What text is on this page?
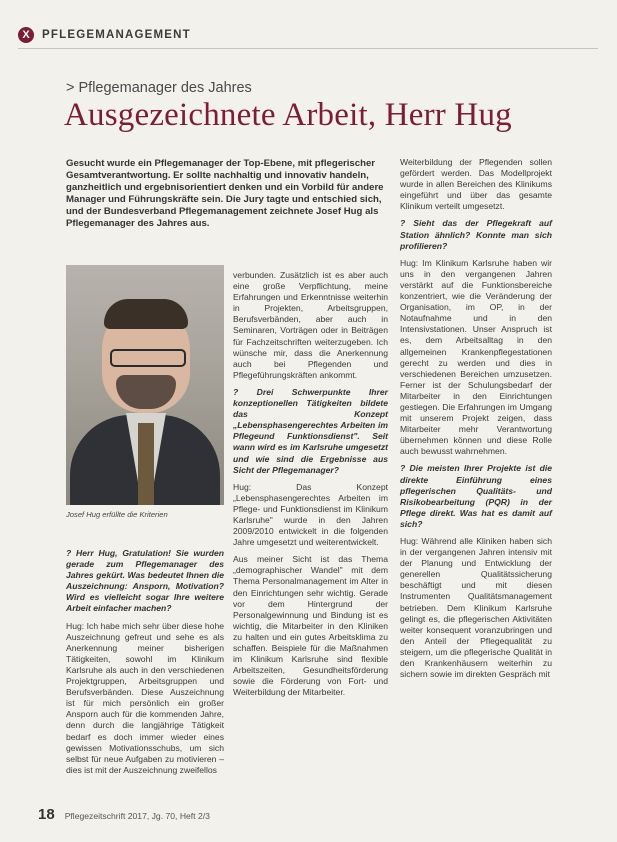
X	PFLEGEMANAGEMENT
> Pflegemanager des Jahres
Ausgezeichnete Arbeit, Herr Hug
Gesucht wurde ein Pflegemanager der Top-Ebene, mit pflegerischer Gesamtverantwortung. Er sollte nachhaltig und innovativ handeln, ganzheitlich und ergebnisorientiert denken und ein Vorbild für andere Manager und Führungskräfte sein. Die Jury tagte und entschied sich, und der Bundesverband Pflegemanagement zeichnete Josef Hug als Pflegemanager des Jahres aus.
Josef Hug erfüllte die Kriterien

? Herr Hug, Gratulation! Sie wurden gerade zum Pflegemanager des Jahres gekürt. Was bedeutet Ihnen die Auszeichnung: Ansporn, Motivation? Wird es vielleicht sogar Ihre weitere Arbeit einfacher machen?

Hug: Ich habe mich sehr über diese hohe Auszeichnung gefreut und sehe es als Anerkennung meiner bisherigen Tätigkeiten, sowohl im Klinikum Karlsruhe als auch in den verschiedenen Projektgruppen, Arbeitsgruppen und Berufsverbänden. Diese Auszeichnung ist für mich persönlich ein großer Ansporn auch für die kommenden Jahre, denn durch die langjährige Tätigkeit bedarf es doch immer wieder eines gewissen Motivationsschubs, um sich selbst für neue Aufgaben zu motivieren – dies ist mit der Auszeichnung zweifellos

verbunden. Zusätzlich ist es aber auch eine große Verpflichtung, meine Erfahrungen und Erkenntnisse weiterhin in Projekten, Arbeitsgruppen, Berufsverbänden, aber auch in Seminaren, Vorträgen oder in Beiträgen für Fachzeitschriften weiterzugeben. Ich wünsche mir, dass die Anerkennung auch bei Pflegenden und Pflegeführungskräften ankommt.

? Drei Schwerpunkte Ihrer konzeptionellen Tätigkeiten bildete das Konzept „Lebensphasengerechtes Arbeiten im Pflegeund Funktionsdienst". Seit wann wird es im Karlsruhe umgesetzt und wie sind die Ergebnisse aus Sicht der Pflegemanager?

Hug: Das Konzept „Lebensphasengerechtes Arbeiten im Pflege- und Funktionsdienst im Klinikum Karlsruhe" wurde in den Jahren 2009/2010 entwickelt in die folgenden Jahre umgesetzt und weiterentwickelt.

Aus meiner Sicht ist das Thema „demographischer Wandel" mit dem Thema Personalmanagement im Alter in den Einrichtungen sehr wichtig. Gerade vor dem Hintergrund der Personalgewinnung und Bindung ist es wichtig, die Mitarbeiter in den Kliniken zu halten und ein gutes Arbeitsklima zu schaffen. Beispiele für die Maßnahmen im Klinikum Karlsruhe sind flexible Arbeitszeiten, Gesundheitsförderung sowie die Förderung von Fort- und Weiterbildung der Mitarbeiter.

Weiterbildung der Pflegenden sollen gefördert werden. Das Modellprojekt wurde in allen Bereichen des Klinikums eingeführt und über das gesamte Klinikum verteilt umgesetzt.

? Sieht das der Pflegekraft auf Station ähnlich? Konnte man sich profilieren?

Hug: Im Klinikum Karlsruhe haben wir uns in den vergangenen Jahren verstärkt auf die Funktionsbereiche konzentriert, wie die Veränderung der Organisation, im OP, in der Notaufnahme und in den Intensivstationen. Unser Anspruch ist es, dem Arbeitsalltag in den allgemeinen Krankenpflegestationen gerecht zu werden und dies in verschiedenen Bereichen umzusetzen. Ferner ist der Schulungsbedarf der Mitarbeiter in den Einrichtungen gestiegen. Die Erfahrungen im Umgang mit unserem Projekt zeigen, dass Mitarbeiter mehr Verantwortung übernehmen können und diese Rolle auch bewusst wahrnehmen.

? Die meisten Ihrer Projekte ist die direkte Einführung eines pflegerischen Qualitäts- und Risikobearbeitung (PQR) in der Pflege direkt. Was hat es damit auf sich?

Hug: Während alle Kliniken haben sich in der vergangenen Jahren intensiv mit der Planung und Entwicklung der generellen Qualitätssicherung beschäftigt und mit diesen Instrumenten Qualitätsmanagement betrieben. Dem Klinikum Karlsruhe gelingt es, die pflegerischen Aktivitäten weiter konsequent voranzubringen und den Anteil der Pflegequalität zu steigern, um die pflegerische Qualität in den Krankenhäusern weiterhin zu sichern sowie im direkten Gespräch mit

18 Pflegezeitschrift 2017, Jg. 70, Heft 2/3
